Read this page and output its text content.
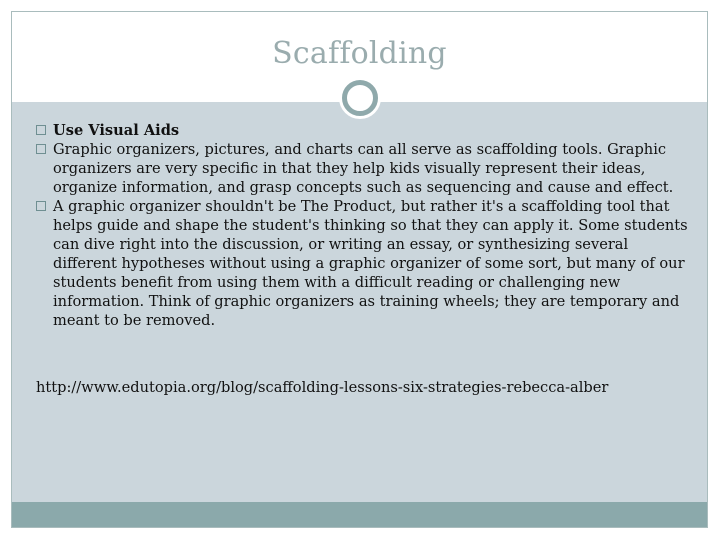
Scaffolding
Use Visual Aids
Graphic organizers, pictures, and charts can all serve as scaffolding tools. Graphic organizers are very specific in that they help kids visually represent their ideas, organize information, and grasp concepts such as sequencing and cause and effect.
A graphic organizer shouldn't be The Product, but rather it's a scaffolding tool that helps guide and shape the student's thinking so that they can apply it. Some students can dive right into the discussion, or writing an essay, or synthesizing several different hypotheses without using a graphic organizer of some sort, but many of our students benefit from using them with a difficult reading or challenging new information. Think of graphic organizers as training wheels; they are temporary and meant to be removed.
http://www.edutopia.org/blog/scaffolding-lessons-six-strategies-rebecca-alber
